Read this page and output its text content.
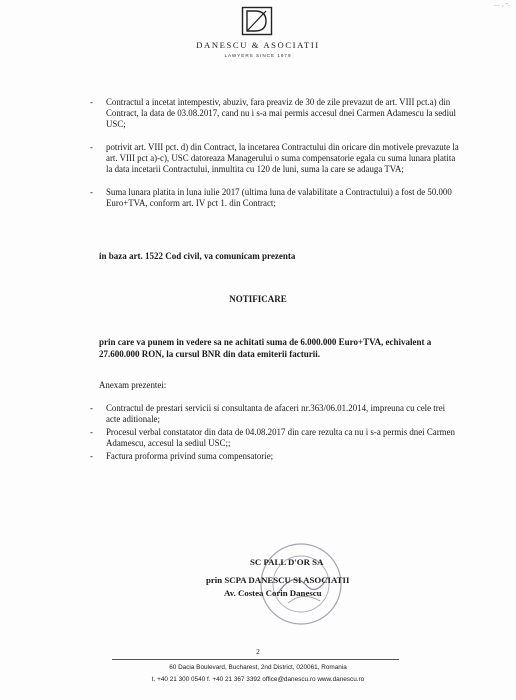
... , -.
DANESCU & ASOCIATII
LAWYERS SINCE 1979
- Contractul a incetat intempestiv, abuziv, fara preaviz de 30 de zile prevazut de art. VIII pct.a) din Contract, la data de 03.08.2017, cand nu i s-a mai permis accesul dnei Carmen Adamescu la sediul USC;
- potrivit art. VIII pct. d) din Contract, la incetarea Contractului din oricare din motivele prevazute la art. VIII pct a)-c), USC datoreaza Managerului o suma compensatorie egala cu suma lunara platita la data incetarii Contractului, inmultita cu 120 de luni, suma la care se adauga TVA;
- Suma lunara platita in luna iulie 2017 (ultima luna de valabilitate a Contractului) a fost de 50.000 Euro+TVA, conform art. IV pct 1. din Contract;
in baza art. 1522 Cod civil, va comunicam prezenta
NOTIFICARE
prin care va punem in vedere sa ne achitati suma de 6.000.000 Euro+TVA, echivalent a 27.600.000 RON, la cursul BNR din data emiterii facturii.
Anexam prezentei:
- Contractul de prestari servicii si consultanta de afaceri nr.363/06.01.2014, impreuna cu cele trei acte aditionale;
- Procesul verbal constatator din data de 04.08.2017 din care rezulta ca nu i s-a permis dnei Carmen Adamescu, accesul la sediul USC;;
- Factura proforma privind suma compensatorie;
SC PALL D'OR SA
prin SCPA DANESCU SI ASOCIATII
Av. Costea Corin Danescu
2
60 Dacia Boulevard, Bucharest, 2nd District, 020061, Romania
t. +40 21 300 0540 f. +40 21 367 3392 office@danescu.ro www.danescu.ro
